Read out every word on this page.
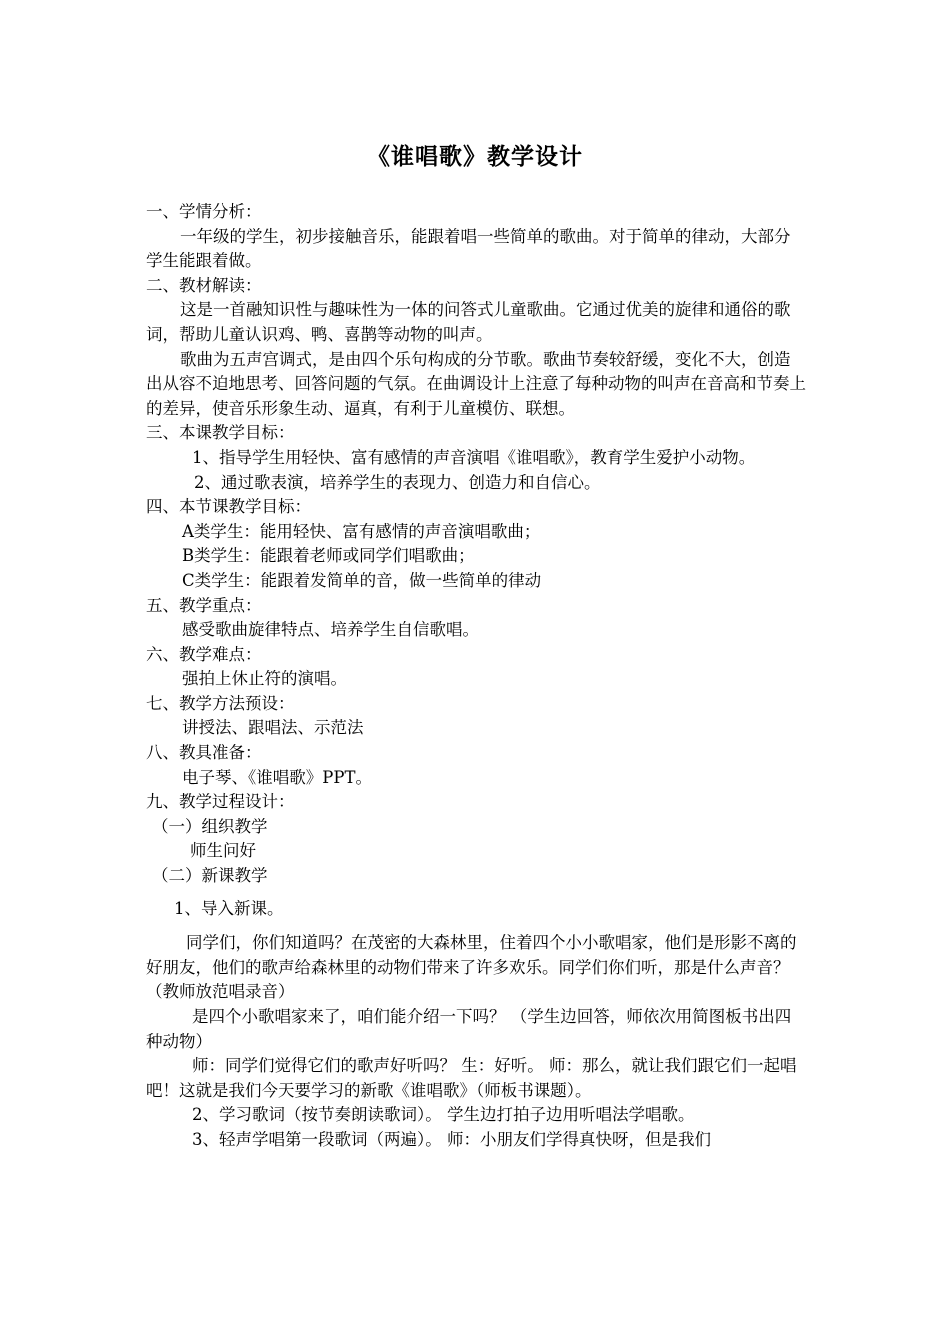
《谁唱歌》教学设计

一、学情分析：

一年级的学生，初步接触音乐，能跟着唱一些简单的歌曲。对于简单的律动，大部分学生能跟着做。

二、教材解读：

这是一首融知识性与趣味性为一体的问答式儿童歌曲。它通过优美的旋律和通俗的歌词，帮助儿童认识鸡、鸭、喜鹊等动物的叫声。

歌曲为五声宫调式，是由四个乐句构成的分节歌。歌曲节奏较舒缓，变化不大，创造出从容不迫地思考、回答问题的气氛。在曲调设计上注意了每种动物的叫声在音高和节奏上的差异，使音乐形象生动、逼真，有利于儿童模仿、联想。

三、本课教学目标：

1、指导学生用轻快、富有感情的声音演唱《谁唱歌》，教育学生爱护小动物。

2、通过歌表演，培养学生的表现力、创造力和自信心。

四、本节课教学目标：

A类学生：能用轻快、富有感情的声音演唱歌曲；

B类学生：能跟着老师或同学们唱歌曲；

C类学生：能跟着发简单的音，做一些简单的律动

五、教学重点：

感受歌曲旋律特点、培养学生自信歌唱。

六、教学难点：

强拍上休止符的演唱。

七、教学方法预设：

讲授法、跟唱法、示范法

八、教具准备：

电子琴、《谁唱歌》PPT。

九、教学过程设计：

（一）组织教学

师生问好

（二）新课教学

1、导入新课。

同学们，你们知道吗？在茂密的大森林里，住着四个小小歌唱家，他们是形影不离的好朋友，他们的歌声给森林里的动物们带来了许多欢乐。同学们你们听，那是什么声音？（教师放范唱录音）

是四个小歌唱家来了，咱们能介绍一下吗？ （学生边回答，师依次用简图板书出四种动物）

师：同学们觉得它们的歌声好听吗？ 生：好听。 师：那么，就让我们跟它们一起唱吧！这就是我们今天要学习的新歌《谁唱歌》（师板书课题）。

2、学习歌词（按节奏朗读歌词）。 学生边打拍子边用听唱法学唱歌。

3、轻声学唱第一段歌词（两遍）。 师：小朋友们学得真快呀，但是我们
